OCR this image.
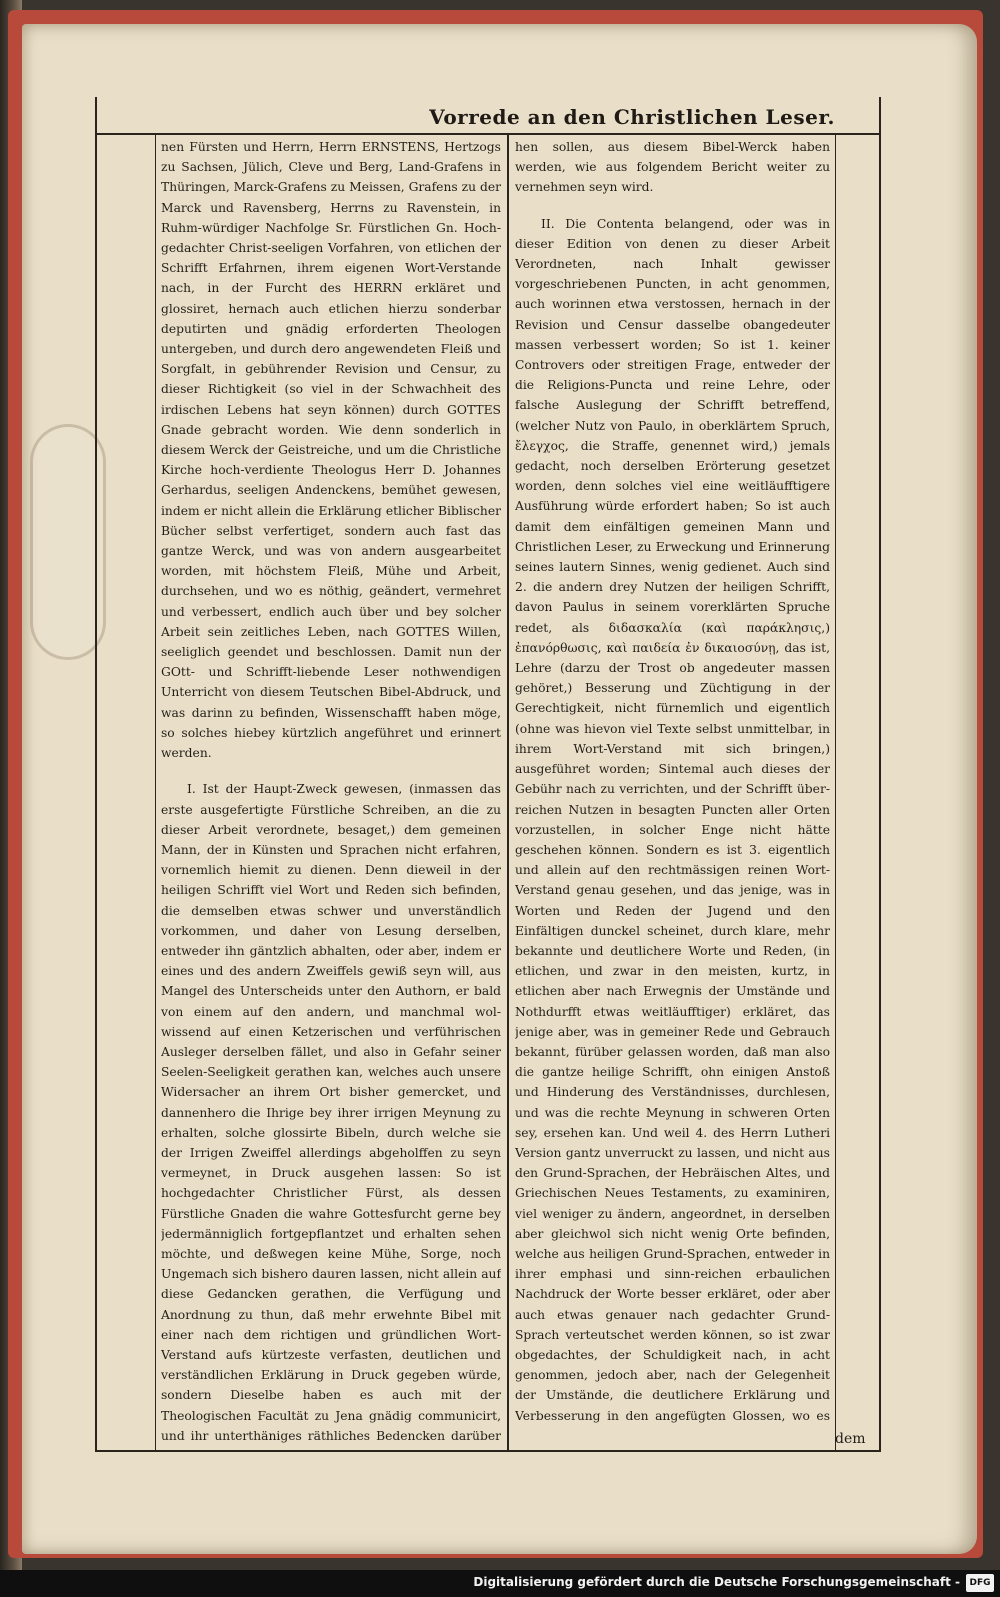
Vorrede an den Christlichen Leser.

nen Fürsten und Herrn, Herrn ERNSTENS, Hertzogs zu Sachsen, Jülich, Cleve und Berg, Land-Grafens in Thüringen, Marck-Grafens zu Meissen, Grafens zu der Marck und Ravensberg, Herrns zu Ravenstein, in Ruhm-würdiger Nachfolge Sr. Fürstlichen Gn. Hoch-gedachter Christ-seeligen Vorfahren, von etlichen der Schrifft Erfahrnen, ihrem eigenen Wort-Verstande nach, in der Furcht des HERRN erkläret und glossiret, hernach auch etlichen hierzu sonderbar deputirten und gnädig erforderten Theologen untergeben, und durch dero angewendeten Fleiß und Sorgfalt, in gebührender Revision und Censur, zu dieser Richtigkeit (so viel in der Schwachheit des irdischen Lebens hat seyn können) durch GOTTES Gnade gebracht worden. Wie denn sonderlich in diesem Werck der Geistreiche, und um die Christliche Kirche hoch-verdiente Theologus Herr D. Johannes Gerhardus, seeligen Andenckens, bemühet gewesen, indem er nicht allein die Erklärung etlicher Biblischer Bücher selbst verfertiget, sondern auch fast das gantze Werck, und was von andern ausgearbeitet worden, mit höchstem Fleiß, Mühe und Arbeit, durchsehen, und wo es nöthig, geändert, vermehret und verbessert, endlich auch über und bey solcher Arbeit sein zeitliches Leben, nach GOTTES Willen, seeliglich geendet und beschlossen. Damit nun der GOtt- und Schrifft-liebende Leser nothwendigen Unterricht von diesem Teutschen Bibel-Abdruck, und was darinn zu befinden, Wissenschafft haben möge, so solches hiebey kürtzlich angeführet und erinnert werden.

I. Ist der Haupt-Zweck gewesen, (inmassen das erste ausgefertigte Fürstliche Schreiben, an die zu dieser Arbeit verordnete, besaget,) dem gemeinen Mann, der in Künsten und Sprachen nicht erfahren, vornemlich hiemit zu dienen. Denn dieweil in der heiligen Schrifft viel Wort und Reden sich befinden, die demselben etwas schwer und unverständlich vorkommen, und daher von Lesung derselben, entweder ihn gäntzlich abhalten, oder aber, indem er eines und des andern Zweiffels gewiß seyn will, aus Mangel des Unterscheids unter den Authorn, er bald von einem auf den andern, und manchmal wol-wissend auf einen Ketzerischen und verführischen Ausleger derselben fället, und also in Gefahr seiner Seelen-Seeligkeit gerathen kan, welches auch unsere Widersacher an ihrem Ort bisher gemercket, und dannenhero die Ihrige bey ihrer irrigen Meynung zu erhalten, solche glossirte Bibeln, durch welche sie der Irrigen Zweiffel allerdings abgeholffen zu seyn vermeynet, in Druck ausgehen lassen: So ist hochgedachter Christlicher Fürst, als dessen Fürstliche Gnaden die wahre Gottesfurcht gerne bey jedermänniglich fortgepflantzet und erhalten sehen möchte, und deßwegen keine Mühe, Sorge, noch Ungemach sich bishero dauren lassen, nicht allein auf diese Gedancken gerathen, die Verfügung und Anordnung zu thun, daß mehr erwehnte Bibel mit einer nach dem richtigen und gründlichen Wort-Verstand aufs kürtzeste verfasten, deutlichen und verständlichen Erklärung in Druck gegeben würde, sondern Dieselbe haben es auch mit der Theologischen Facultät zu Jena gnädig communicirt, und ihr unterthäniges räthliches Bedencken darüber

hen sollen, aus diesem Bibel-Werck haben werden, wie aus folgendem Bericht weiter zu vernehmen seyn wird.

II. Die Contenta belangend, oder was in dieser Edition von denen zu dieser Arbeit Verordneten, nach Inhalt gewisser vorgeschriebenen Puncten, in acht genommen, auch worinnen etwa verstossen, hernach in der Revision und Censur dasselbe obangedeuter massen verbessert worden; So ist 1. keiner Controvers oder streitigen Frage, entweder der die Religions-Puncta und reine Lehre, oder falsche Auslegung der Schrifft betreffend, (welcher Nutz von Paulo, in oberklärtem Spruch, ἔλεγχος, die Straffe, genennet wird,) jemals gedacht, noch derselben Erörterung gesetzet worden, denn solches viel eine weitläufftigere Ausführung würde erfordert haben; So ist auch damit dem einfältigen gemeinen Mann und Christlichen Leser, zu Erweckung und Erinnerung seines lautern Sinnes, wenig gedienet. Auch sind 2. die andern drey Nutzen der heiligen Schrifft, davon Paulus in seinem vorerklärten Spruche redet, als διδασκαλία (καὶ παράκλησις,) ἐπανόρθωσις, καὶ παιδεία ἐν δικαιοσύνῃ, das ist, Lehre (darzu der Trost ob angedeuter massen gehöret,) Besserung und Züchtigung in der Gerechtigkeit, nicht fürnemlich und eigentlich (ohne was hievon viel Texte selbst unmittelbar, in ihrem Wort-Verstand mit sich bringen,) ausgeführet worden; Sintemal auch dieses der Gebühr nach zu verrichten, und der Schrifft über-reichen Nutzen in besagten Puncten aller Orten vorzustellen, in solcher Enge nicht hätte geschehen können. Sondern es ist 3. eigentlich und allein auf den rechtmässigen reinen Wort-Verstand genau gesehen, und das jenige, was in Worten und Reden der Jugend und den Einfältigen dunckel scheinet, durch klare, mehr bekannte und deutlichere Worte und Reden, (in etlichen, und zwar in den meisten, kurtz, in etlichen aber nach Erwegnis der Umstände und Nothdurfft etwas weitläufftiger) erkläret, das jenige aber, was in gemeiner Rede und Gebrauch bekannt, fürüber gelassen worden, daß man also die gantze heilige Schrifft, ohn einigen Anstoß und Hinderung des Verständnisses, durchlesen, und was die rechte Meynung in schweren Orten sey, ersehen kan. Und weil 4. des Herrn Lutheri Version gantz unverruckt zu lassen, und nicht aus den Grund-Sprachen, der Hebräischen Altes, und Griechischen Neues Testaments, zu examiniren, viel weniger zu ändern, angeordnet, in derselben aber gleichwol sich nicht wenig Orte befinden, welche aus heiligen Grund-Sprachen, entweder in ihrer emphasi und sinn-reichen erbaulichen Nachdruck der Worte besser erkläret, oder aber auch etwas genauer nach gedachter Grund-Sprach verteutschet werden können, so ist zwar obgedachtes, der Schuldigkeit nach, in acht genommen, jedoch aber, nach der Gelegenheit der Umstände, die deutlichere Erklärung und Verbesserung in den angefügten Glossen, wo es

dem
Digitalisierung gefördert durch die Deutsche Forschungsgemeinschaft -	DFG
